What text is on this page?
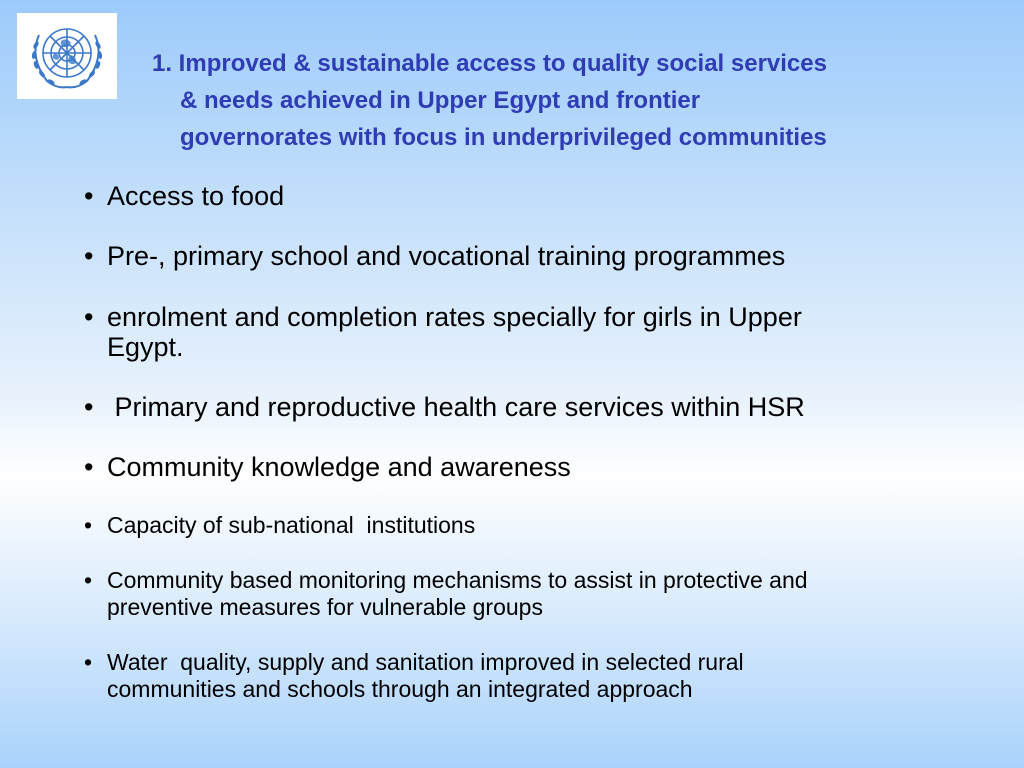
1. Improved & sustainable access to quality social services
& needs achieved in Upper Egypt and frontier
governorates with focus in underprivileged communities
• Access to food
• Pre-, primary school and vocational training programmes
• enrolment and completion rates specially for girls in Upper
Egypt.
• Primary and reproductive health care services within HSR
• Community knowledge and awareness
• Capacity of sub-national  institutions
• Community based monitoring mechanisms to assist in protective and
preventive measures for vulnerable groups
• Water  quality, supply and sanitation improved in selected rural
communities and schools through an integrated approach
